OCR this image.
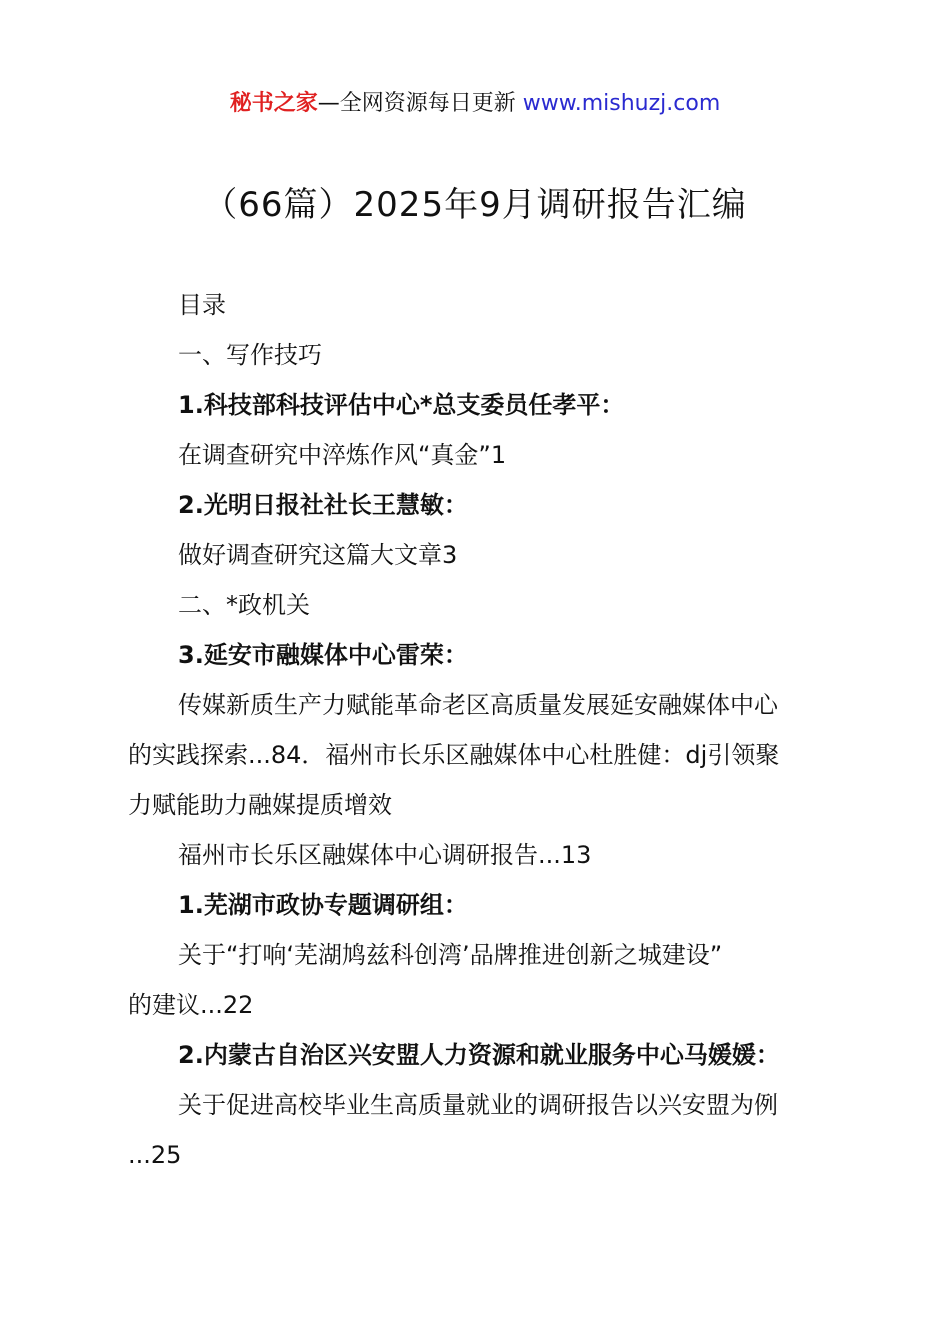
秘书之家—全网资源每日更新 www.mishuzj.com
（66篇）2025年9月调研报告汇编
目录
一、写作技巧
1.科技部科技评估中心*总支委员任孝平：
在调查研究中淬炼作风“真金”1
2.光明日报社社长王慧敏：
做好调查研究这篇大文章3
二、*政机关
3.延安市融媒体中心雷荣：
传媒新质生产力赋能革命老区高质量发展延安融媒体中心
的实践探索...84．福州市长乐区融媒体中心杜胜健：dj引领聚
力赋能助力融媒提质增效
福州市长乐区融媒体中心调研报告...13
1.芜湖市政协专题调研组：
关于“打响‘芜湖鸠兹科创湾’品牌推进创新之城建设”
的建议...22
2.内蒙古自治区兴安盟人力资源和就业服务中心马媛媛：
关于促进高校毕业生高质量就业的调研报告以兴安盟为例
...25
